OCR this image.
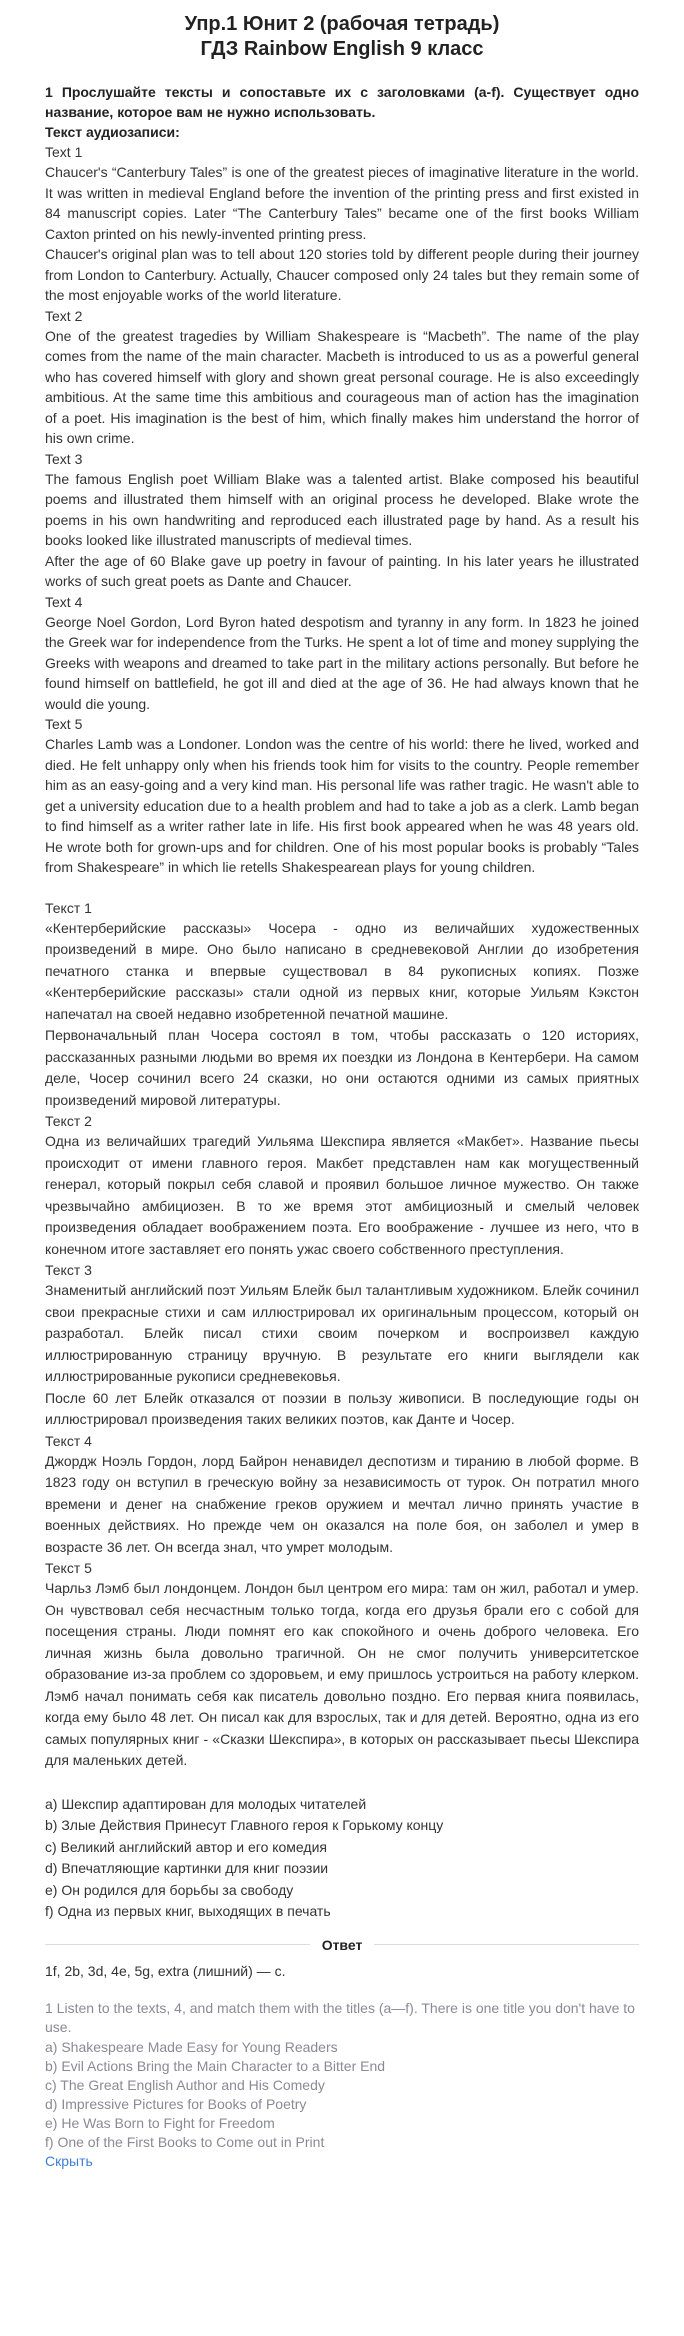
Упр.1 Юнит 2 (рабочая тетрадь)
ГДЗ Rainbow English 9 класс
1 Прослушайте тексты и сопоставьте их с заголовками (a-f). Существует одно название, которое вам не нужно использовать.
Текст аудиозаписи:
Text 1

Chaucer's “Canterbury Tales” is one of the greatest pieces of imaginative literature in the world. It was written in medieval England before the invention of the printing press and first existed in 84 manuscript copies. Later “The Canterbury Tales” became one of the first books William Caxton printed on his newly-invented printing press.

Chaucer's original plan was to tell about 120 stories told by different people during their journey from London to Canterbury. Actually, Chaucer composed only 24 tales but they remain some of the most enjoyable works of the world literature.

Text 2

One of the greatest tragedies by William Shakespeare is “Macbeth”. The name of the play comes from the name of the main character. Macbeth is introduced to us as a powerful general who has covered himself with glory and shown great personal courage. He is also exceedingly ambitious. At the same time this ambitious and courageous man of action has the imagination of a poet. His imagination is the best of him, which finally makes him understand the horror of his own crime.

Text 3

The famous English poet William Blake was a talented artist. Blake composed his beautiful poems and illustrated them himself with an original process he developed. Blake wrote the poems in his own handwriting and reproduced each illustrated page by hand. As a result his books looked like illustrated manuscripts of medieval times.

After the age of 60 Blake gave up poetry in favour of painting. In his later years he illustrated works of such great poets as Dante and Chaucer.

Text 4

George Noel Gordon, Lord Byron hated despotism and tyranny in any form. In 1823 he joined the Greek war for independence from the Turks. He spent a lot of time and money supplying the Greeks with weapons and dreamed to take part in the military actions personally. But before he found himself on battlefield, he got ill and died at the age of 36. He had always known that he would die young.

Text 5

Charles Lamb was a Londoner. London was the centre of his world: there he lived, worked and died. He felt unhappy only when his friends took him for visits to the country. People remember him as an easy-going and a very kind man. His personal life was rather tragic. He wasn't able to get a university education due to a health problem and had to take a job as a clerk. Lamb began to find himself as a writer rather late in life. His first book appeared when he was 48 years old. He wrote both for grown-ups and for children. One of his most popular books is probably “Tales from Shakespeare” in which lie retells Shakespearean plays for young children.

Текст 1

«Кентерберийские рассказы» Чосера - одно из величайших художественных произведений в мире. Оно было написано в средневековой Англии до изобретения печатного станка и впервые существовал в 84 рукописных копиях. Позже «Кентерберийские рассказы» стали одной из первых книг, которые Уильям Кэкстон напечатал на своей недавно изобретенной печатной машине.

Первоначальный план Чосера состоял в том, чтобы рассказать о 120 историях, рассказанных разными людьми во время их поездки из Лондона в Кентербери. На самом деле, Чосер сочинил всего 24 сказки, но они остаются одними из самых приятных произведений мировой литературы.

Текст 2

Одна из величайших трагедий Уильяма Шекспира является «Макбет». Название пьесы происходит от имени главного героя. Макбет представлен нам как могущественный генерал, который покрыл себя славой и проявил большое личное мужество. Он также чрезвычайно амбициозен. В то же время этот амбициозный и смелый человек произведения обладает воображением поэта. Его воображение - лучшее из него, что в конечном итоге заставляет его понять ужас своего собственного преступления.

Текст 3

Знаменитый английский поэт Уильям Блейк был талантливым художником. Блейк сочинил свои прекрасные стихи и сам иллюстрировал их оригинальным процессом, который он разработал. Блейк писал стихи своим почерком и воспроизвел каждую иллюстрированную страницу вручную. В результате его книги выглядели как иллюстрированные рукописи средневековья.

После 60 лет Блейк отказался от поэзии в пользу живописи. В последующие годы он иллюстрировал произведения таких великих поэтов, как Данте и Чосер.

Текст 4

Джордж Ноэль Гордон, лорд Байрон ненавидел деспотизм и тиранию в любой форме. В 1823 году он вступил в греческую войну за независимость от турок. Он потратил много времени и денег на снабжение греков оружием и мечтал лично принять участие в военных действиях. Но прежде чем он оказался на поле боя, он заболел и умер в возрасте 36 лет. Он всегда знал, что умрет молодым.

Текст 5

Чарльз Лэмб был лондонцем. Лондон был центром его мира: там он жил, работал и умер. Он чувствовал себя несчастным только тогда, когда его друзья брали его с собой для посещения страны. Люди помнят его как спокойного и очень доброго человека. Его личная жизнь была довольно трагичной. Он не смог получить университетское образование из-за проблем со здоровьем, и ему пришлось устроиться на работу клерком. Лэмб начал понимать себя как писатель довольно поздно. Его первая книга появилась, когда ему было 48 лет. Он писал как для взрослых, так и для детей. Вероятно, одна из его самых популярных книг - «Сказки Шекспира», в которых он рассказывает пьесы Шекспира для маленьких детей.

a) Шекспир адаптирован для молодых читателей
b) Злые Действия Принесут Главного героя к Горькому концу
c) Великий английский автор и его комедия
d) Впечатляющие картинки для книг поэзии
e) Он родился для борьбы за свободу
f) Одна из первых книг, выходящих в печать
Ответ
1f, 2b, 3d, 4e, 5g, extra (лишний) — c.
1 Listen to the texts, 4, and match them with the titles (a—f). There is one title you don't have to use.
a) Shakespeare Made Easy for Young Readers
b) Evil Actions Bring the Main Character to a Bitter End
c) The Great English Author and His Comedy
d) Impressive Pictures for Books of Poetry
e) He Was Born to Fight for Freedom
f) One of the First Books to Come out in Print
Скрыть
